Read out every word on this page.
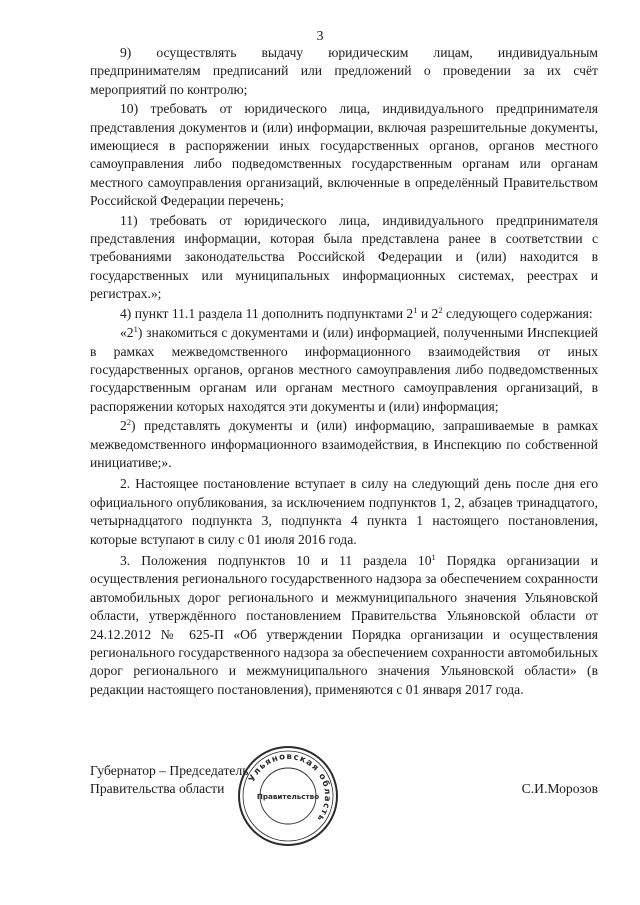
3

9) осуществлять выдачу юридическим лицам, индивидуальным предпринимателям предписаний или предложений о проведении за их счёт мероприятий по контролю;

10) требовать от юридического лица, индивидуального предпринимателя представления документов и (или) информации, включая разрешительные документы, имеющиеся в распоряжении иных государственных органов, органов местного самоуправления либо подведомственных государственным органам или органам местного самоуправления организаций, включенные в определённый Правительством Российской Федерации перечень;

11) требовать от юридического лица, индивидуального предпринимателя представления информации, которая была представлена ранее в соответствии с требованиями законодательства Российской Федерации и (или) находится в государственных или муниципальных информационных системах, реестрах и регистрах.»;

4) пункт 11.1 раздела 11 дополнить подпунктами $2^1$ и $2^2$ следующего содержания:

«$2^1$) знакомиться с документами и (или) информацией, полученными Инспекцией в рамках межведомственного информационного взаимодействия от иных государственных органов, органов местного самоуправления либо подведомственных государственным органам или органам местного самоуправления организаций, в распоряжении которых находятся эти документы и (или) информация;

$2^2$) представлять документы и (или) информацию, запрашиваемые в рамках межведомственного информационного взаимодействия, в Инспекцию по собственной инициативе;».

2. Настоящее постановление вступает в силу на следующий день после дня его официального опубликования, за исключением подпунктов 1, 2, абзацев тринадцатого, четырнадцатого подпункта 3, подпункта 4 пункта 1 настоящего постановления, которые вступают в силу с 01 июля 2016 года.

3. Положения подпунктов 10 и 11 раздела $10^1$ Порядка организации и осуществления регионального государственного надзора за обеспечением сохранности автомобильных дорог регионального и межмуниципального значения Ульяновской области, утверждённого постановлением Правительства Ульяновской области от 24.12.2012 № 625-П «Об утверждении Порядка организации и осуществления регионального государственного надзора за обеспечением сохранности автомобильных дорог регионального и межмуниципального значения Ульяновской области» (в редакции настоящего постановления), применяются с 01 января 2017 года.

Губернатор – Председатель
Правительства области	С.И.Морозов
Ульяновская область
Правительство
